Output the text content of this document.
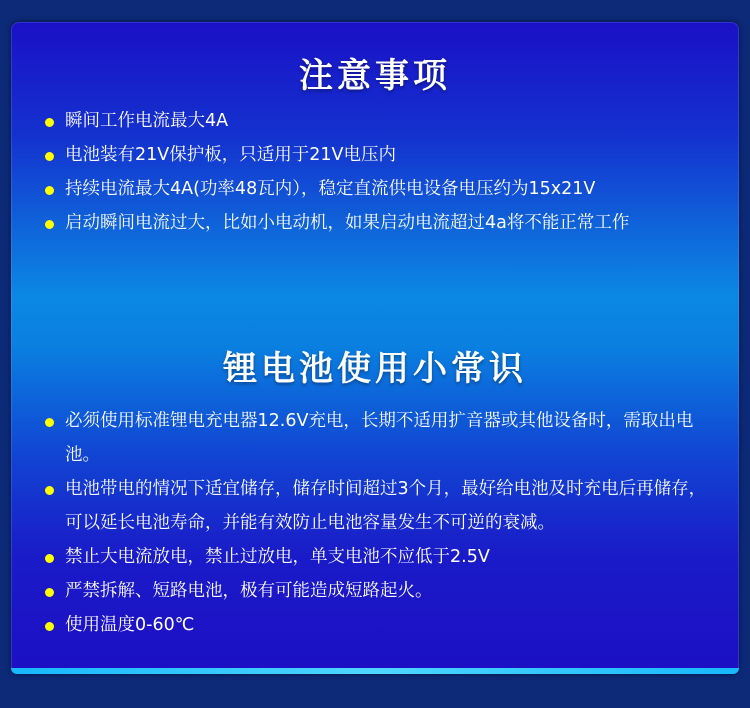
注意事项
瞬间工作电流最大4A
电池装有21V保护板，只适用于21V电压内
持续电流最大4A(功率48瓦内），稳定直流供电设备电压约为15x21V
启动瞬间电流过大，比如小电动机，如果启动电流超过4a将不能正常工作
锂电池使用小常识
必须使用标准锂电充电器12.6V充电，长期不适用扩音器或其他设备时，需取出电池。
电池带电的情况下适宜储存，储存时间超过3个月，最好给电池及时充电后再储存，可以延长电池寿命，并能有效防止电池容量发生不可逆的衰减。
禁止大电流放电，禁止过放电，单支电池不应低于2.5V
严禁拆解、短路电池，极有可能造成短路起火。
使用温度0-60℃
